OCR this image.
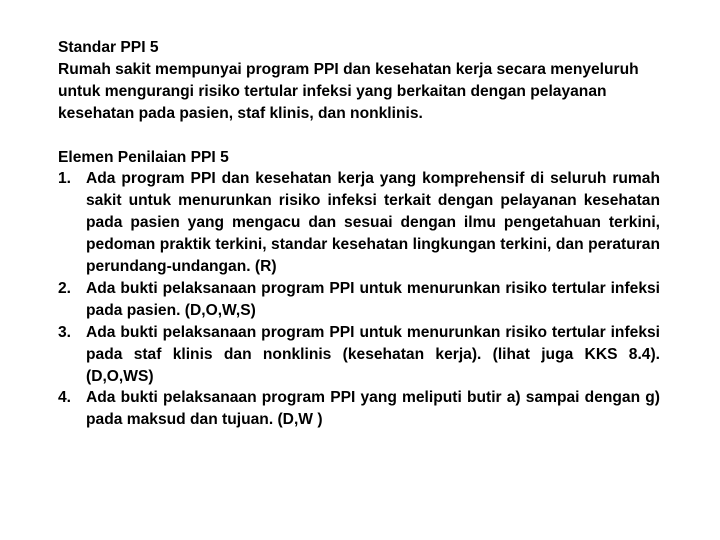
Standar PPI 5

Rumah sakit mempunyai program PPI dan kesehatan kerja secara menyeluruh untuk mengurangi risiko tertular infeksi yang berkaitan dengan pelayanan kesehatan pada pasien, staf klinis, dan nonklinis.

Elemen Penilaian PPI 5

1. Ada program PPI dan kesehatan kerja yang komprehensif di seluruh rumah sakit untuk menurunkan risiko infeksi terkait dengan pelayanan kesehatan pada pasien yang mengacu dan sesuai dengan ilmu pengetahuan terkini, pedoman praktik terkini, standar kesehatan lingkungan terkini, dan peraturan perundang-undangan. (R)
2. Ada bukti pelaksanaan program PPI untuk menurunkan risiko tertular infeksi pada pasien. (D,O,W,S)
3. Ada bukti pelaksanaan program PPI untuk menurunkan risiko tertular infeksi pada staf klinis dan nonklinis (kesehatan kerja). (lihat juga KKS 8.4). (D,O,WS)
4. Ada bukti pelaksanaan program PPI yang meliputi butir a) sampai dengan g) pada maksud dan tujuan. (D,W )
